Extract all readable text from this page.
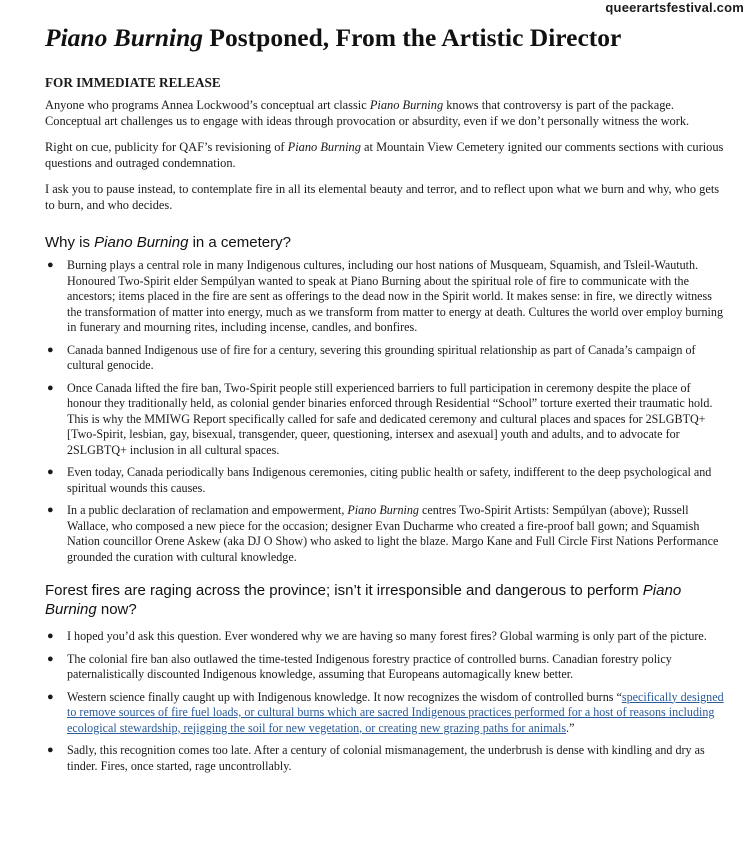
queerartsfestival.com
Piano Burning Postponed, From the Artistic Director
FOR IMMEDIATE RELEASE

Anyone who programs Annea Lockwood’s conceptual art classic Piano Burning knows that controversy is part of the package. Conceptual art challenges us to engage with ideas through provocation or absurdity, even if we don’t personally witness the work.

Right on cue, publicity for QAF’s revisioning of Piano Burning at Mountain View Cemetery ignited our comments sections with curious questions and outraged condemnation.

I ask you to pause instead, to contemplate fire in all its elemental beauty and terror, and to reflect upon what we burn and why, who gets to burn, and who decides.

Why is Piano Burning in a cemetery?
● Burning plays a central role in many Indigenous cultures, including our host nations of Musqueam, Squamish, and Tsleil-Waututh. Honoured Two-Spirit elder Sempúlyan wanted to speak at Piano Burning about the spiritual role of fire to communicate with the ancestors; items placed in the fire are sent as offerings to the dead now in the Spirit world. It makes sense: in fire, we directly witness the transformation of matter into energy, much as we transform from matter to energy at death. Cultures the world over employ burning in funerary and mourning rites, including incense, candles, and bonfires.
● Canada banned Indigenous use of fire for a century, severing this grounding spiritual relationship as part of Canada’s campaign of cultural genocide.
● Once Canada lifted the fire ban, Two-Spirit people still experienced barriers to full participation in ceremony despite the place of honour they traditionally held, as colonial gender binaries enforced through Residential “School” torture exerted their traumatic hold. This is why the MMIWG Report specifically called for safe and dedicated ceremony and cultural places and spaces for 2SLGBTQ+ [Two-Spirit, lesbian, gay, bisexual, transgender, queer, questioning, intersex and asexual] youth and adults, and to advocate for 2SLGBTQ+ inclusion in all cultural spaces.
● Even today, Canada periodically bans Indigenous ceremonies, citing public health or safety, indifferent to the deep psychological and spiritual wounds this causes.
● In a public declaration of reclamation and empowerment, Piano Burning centres Two-Spirit Artists: Sempúlyan (above); Russell Wallace, who composed a new piece for the occasion; designer Evan Ducharme who created a fire-proof ball gown; and Squamish Nation councillor Orene Askew (aka DJ O Show) who asked to light the blaze. Margo Kane and Full Circle First Nations Performance grounded the curation with cultural knowledge.
Forest fires are raging across the province; isn’t it irresponsible and dangerous to perform Piano Burning now?
● I hoped you’d ask this question. Ever wondered why we are having so many forest fires? Global warming is only part of the picture.
● The colonial fire ban also outlawed the time-tested Indigenous forestry practice of controlled burns. Canadian forestry policy paternalistically discounted Indigenous knowledge, assuming that Europeans automagically knew better.
● Western science finally caught up with Indigenous knowledge. It now recognizes the wisdom of controlled burns “specifically designed to remove sources of fire fuel loads, or cultural burns which are sacred Indigenous practices performed for a host of reasons including ecological stewardship, rejigging the soil for new vegetation, or creating new grazing paths for animals.”
● Sadly, this recognition comes too late. After a century of colonial mismanagement, the underbrush is dense with kindling and dry as tinder. Fires, once started, rage uncontrollably.
